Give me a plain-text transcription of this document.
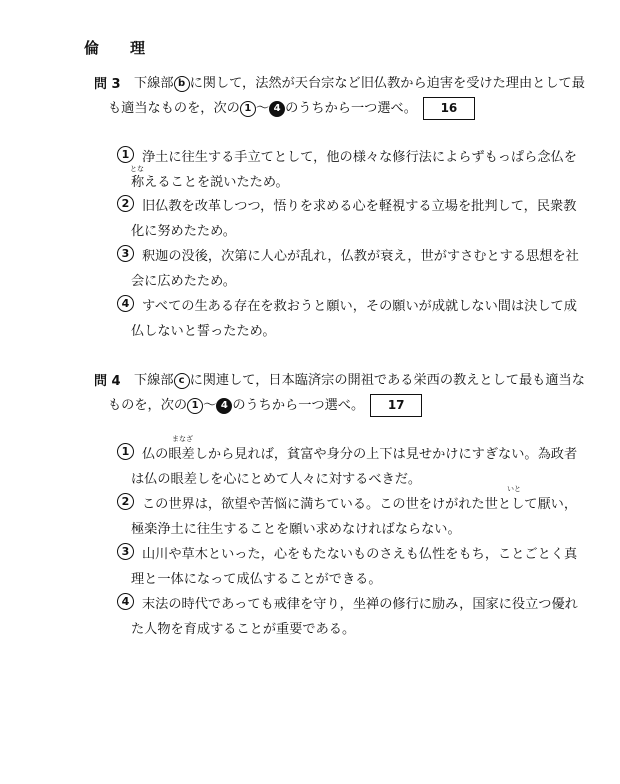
倫　理
問 3 下線部 b に関して，法然が天台宗など旧仏教から迫害を受けた理由として最
も適当なものを，次の 1 〜 4 のうちから一つ選べ。 16
1 浄土に往生する手立てとして，他の様々な修行法によらずもっぱら念仏を
とな
称えることを説いたため。
2 旧仏教を改革しつつ，悟りを求める心を軽視する立場を批判して，民衆教
化に努めたため。
3 釈迦の没後，次第に人心が乱れ，仏教が衰え，世がすさむとする思想を社
会に広めたため。
4 すべての生ある存在を救おうと願い，その願いが成就しない間は決して成
仏しないと誓ったため。
問 4 下線部 c に関連して，日本臨済宗の開祖である栄西の教えとして最も適当な
ものを，次の 1 〜 4 のうちから一つ選べ。 17
1
まなざ
仏の眼差しから見れば，貧富や身分の上下は見せかけにすぎない。為政者
は仏の眼差しを心にとめて人々に対するべきだ。
2
いと
この世界は，欲望や苦悩に満ちている。この世をけがれた世として厭い，
極楽浄土に往生することを願い求めなければならない。
3 山川や草木といった，心をもたないものさえも仏性をもち，ことごとく真
理と一体になって成仏することができる。
4 末法の時代であっても戒律を守り，坐禅の修行に励み，国家に役立つ優れ
た人物を育成することが重要である。
